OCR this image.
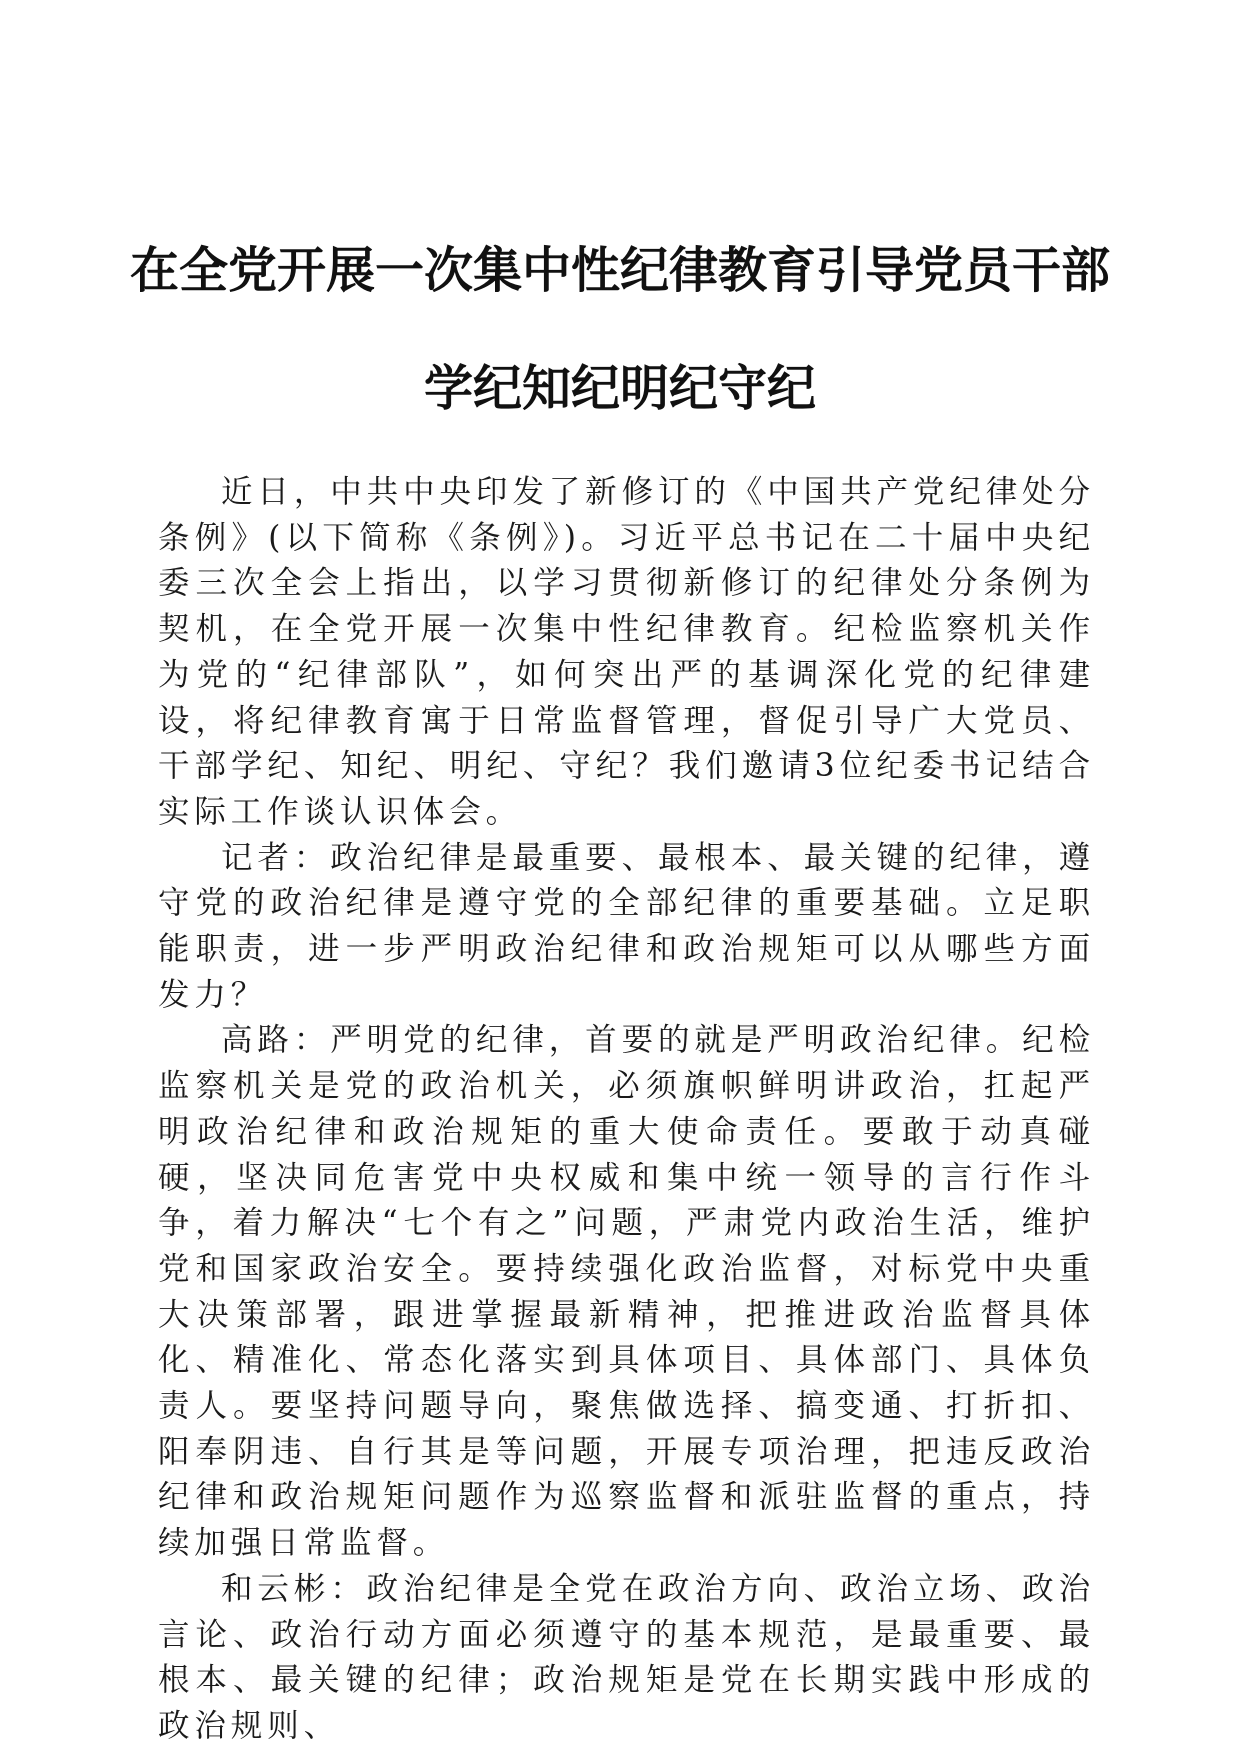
在全党开展一次集中性纪律教育引导党员干部
学纪知纪明纪守纪

近日，中共中央印发了新修订的《中国共产党纪律处分条例》(以下简称《条例》)。习近平总书记在二十届中央纪委三次全会上指出，以学习贯彻新修订的纪律处分条例为契机，在全党开展一次集中性纪律教育。纪检监察机关作为党的“纪律部队”，如何突出严的基调深化党的纪律建设，将纪律教育寓于日常监督管理，督促引导广大党员、干部学纪、知纪、明纪、守纪？我们邀请3位纪委书记结合实际工作谈认识体会。

记者：政治纪律是最重要、最根本、最关键的纪律，遵守党的政治纪律是遵守党的全部纪律的重要基础。立足职能职责，进一步严明政治纪律和政治规矩可以从哪些方面发力？

高路：严明党的纪律，首要的就是严明政治纪律。纪检监察机关是党的政治机关，必须旗帜鲜明讲政治，扛起严明政治纪律和政治规矩的重大使命责任。要敢于动真碰硬，坚决同危害党中央权威和集中统一领导的言行作斗争，着力解决“七个有之”问题，严肃党内政治生活，维护党和国家政治安全。要持续强化政治监督，对标党中央重大决策部署，跟进掌握最新精神，把推进政治监督具体化、精准化、常态化落实到具体项目、具体部门、具体负责人。要坚持问题导向，聚焦做选择、搞变通、打折扣、阳奉阴违、自行其是等问题，开展专项治理，把违反政治纪律和政治规矩问题作为巡察监督和派驻监督的重点，持续加强日常监督。

和云彬：政治纪律是全党在政治方向、政治立场、政治言论、政治行动方面必须遵守的基本规范，是最重要、最根本、最关键的纪律；政治规矩是党在长期实践中形成的政治规则、
